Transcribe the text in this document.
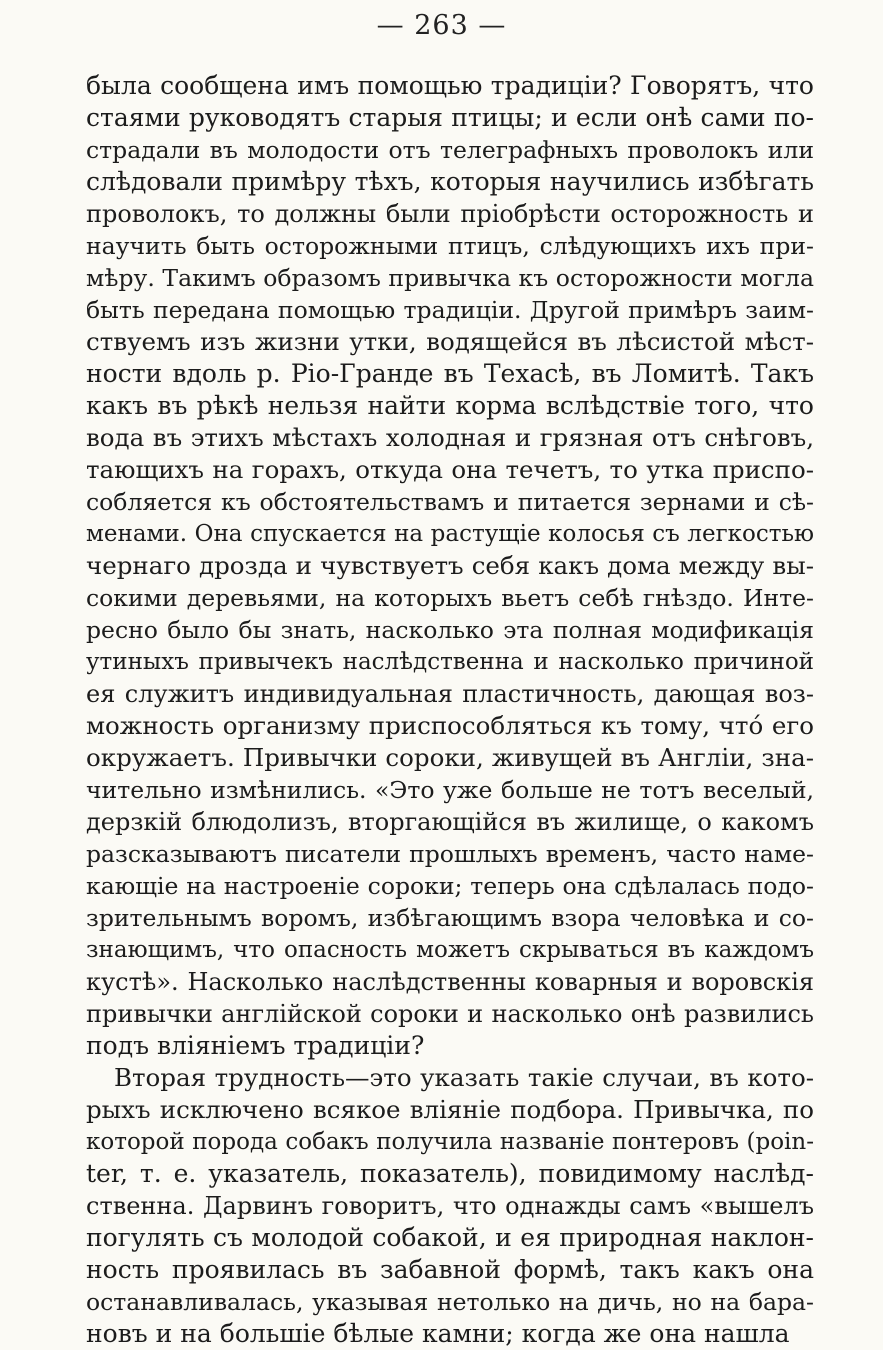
— 263 —
была сообщена имъ помощью традиціи? Говорятъ, что
стаями руководятъ старыя птицы; и если онѣ сами по-
страдали въ молодости отъ телеграфныхъ проволокъ или
слѣдовали примѣру тѣхъ, которыя научились избѣгать
проволокъ, то должны были пріобрѣсти осторожность и
научить быть осторожными птицъ, слѣдующихъ ихъ при-
мѣру. Такимъ образомъ привычка къ осторожности могла
быть передана помощью традиціи. Другой примѣръ заим-
ствуемъ изъ жизни утки, водящейся въ лѣсистой мѣст-
ности вдоль р. Ріо-Гранде въ Техасѣ, въ Ломитѣ. Такъ
какъ въ рѣкѣ нельзя найти корма вслѣдствіе того, что
вода въ этихъ мѣстахъ холодная и грязная отъ снѣговъ,
тающихъ на горахъ, откуда она течетъ, то утка приспо-
собляется къ обстоятельствамъ и питается зернами и сѣ-
менами. Она спускается на растущіе колосья съ легкостью
чернаго дрозда и чувствуетъ себя какъ дома между вы-
сокими деревьями, на которыхъ вьетъ себѣ гнѣздо. Инте-
ресно было бы знать, насколько эта полная модификація
утиныхъ привычекъ наслѣдственна и насколько причиной
ея служитъ индивидуальная пластичность, дающая воз-
можность организму приспособляться къ тому, чтó его
окружаетъ. Привычки сороки, живущей въ Англіи, зна-
чительно измѣнились. «Это уже больше не тотъ веселый,
дерзкій блюдолизъ, вторгающійся въ жилище, о какомъ
разсказываютъ писатели прошлыхъ временъ, часто наме-
кающіе на настроеніе сороки; теперь она сдѣлалась подо-
зрительнымъ воромъ, избѣгающимъ взора человѣка и со-
знающимъ, что опасность можетъ скрываться въ каждомъ
кустѣ». Насколько наслѣдственны коварныя и воровскія
привычки англійской сороки и насколько онѣ развились
подъ вліяніемъ традиціи?
Вторая трудность—это указать такіе случаи, въ кото-
рыхъ исключено всякое вліяніе подбора. Привычка, по
которой порода собакъ получила названіе понтеровъ (poin-
ter, т. е. указатель, показатель), повидимому наслѣд-
ственна. Дарвинъ говоритъ, что однажды самъ «вышелъ
погулять съ молодой собакой, и ея природная наклон-
ность проявилась въ забавной формѣ, такъ какъ она
останавливалась, указывая нетолько на дичь, но на бара-
новъ и на большіе бѣлые камни; когда же она нашла
